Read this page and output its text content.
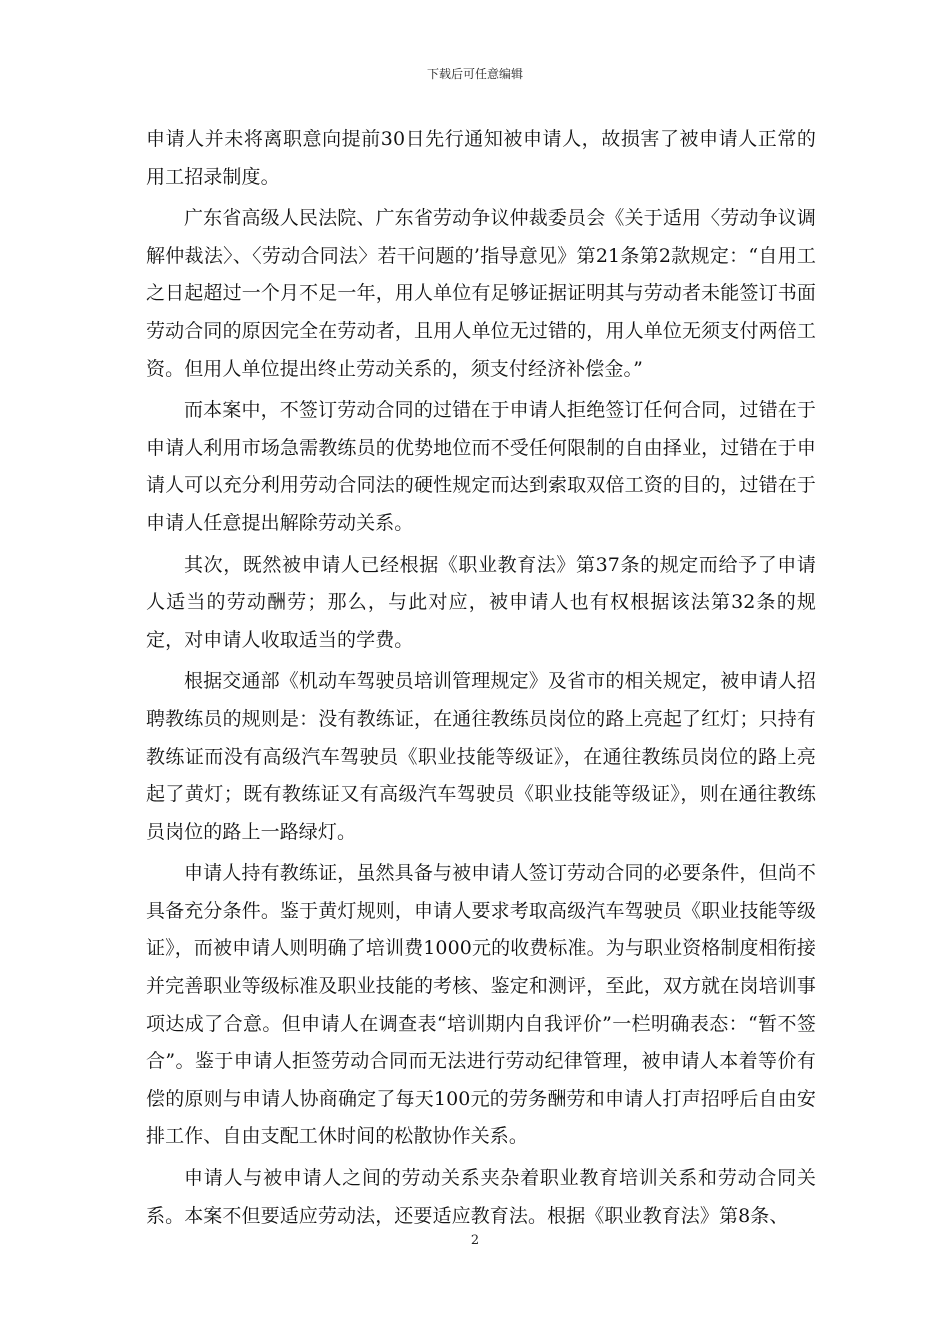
下载后可任意编辑

申请人并未将离职意向提前30日先行通知被申请人，故损害了被申请人正常的用工招录制度。

广东省高级人民法院、广东省劳动争议仲裁委员会《关于适用〈劳动争议调解仲裁法〉、〈劳动合同法〉若干问题的’指导意见》第21条第2款规定：“自用工之日起超过一个月不足一年，用人单位有足够证据证明其与劳动者未能签订书面劳动合同的原因完全在劳动者，且用人单位无过错的，用人单位无须支付两倍工资。但用人单位提出终止劳动关系的，须支付经济补偿金。”

而本案中，不签订劳动合同的过错在于申请人拒绝签订任何合同，过错在于申请人利用市场急需教练员的优势地位而不受任何限制的自由择业，过错在于申请人可以充分利用劳动合同法的硬性规定而达到索取双倍工资的目的，过错在于申请人任意提出解除劳动关系。

其次，既然被申请人已经根据《职业教育法》第37条的规定而给予了申请人适当的劳动酬劳；那么，与此对应，被申请人也有权根据该法第32条的规定，对申请人收取适当的学费。

根据交通部《机动车驾驶员培训管理规定》及省市的相关规定，被申请人招聘教练员的规则是：没有教练证，在通往教练员岗位的路上亮起了红灯；只持有教练证而没有高级汽车驾驶员《职业技能等级证》，在通往教练员岗位的路上亮起了黄灯；既有教练证又有高级汽车驾驶员《职业技能等级证》，则在通往教练员岗位的路上一路绿灯。

申请人持有教练证，虽然具备与被申请人签订劳动合同的必要条件，但尚不具备充分条件。鉴于黄灯规则，申请人要求考取高级汽车驾驶员《职业技能等级证》，而被申请人则明确了培训费1000元的收费标准。为与职业资格制度相衔接并完善职业等级标准及职业技能的考核、鉴定和测评，至此，双方就在岗培训事项达成了合意。但申请人在调查表“培训期内自我评价”一栏明确表态：“暂不签合”。鉴于申请人拒签劳动合同而无法进行劳动纪律管理，被申请人本着等价有偿的原则与申请人协商确定了每天100元的劳务酬劳和申请人打声招呼后自由安排工作、自由支配工休时间的松散协作关系。

申请人与被申请人之间的劳动关系夹杂着职业教育培训关系和劳动合同关系。本案不但要适应劳动法，还要适应教育法。根据《职业教育法》第8条、

2
